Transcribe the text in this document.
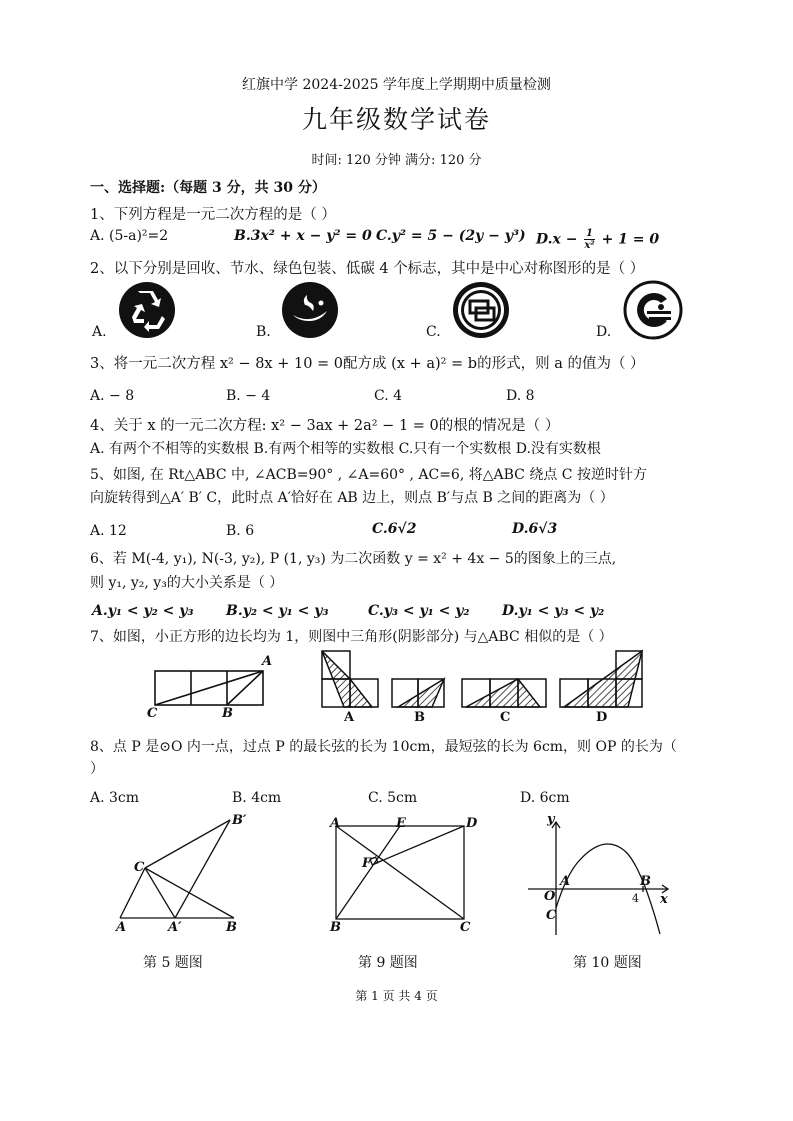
红旗中学 2024-2025 学年度上学期期中质量检测
九年级数学试卷
时间: 120 分钟 满分: 120 分
一、选择题:（每题 3 分，共 30 分）
1、下列方程是一元二次方程的是（ ）
A. (5-a)²=2	B.3x² + x − y² = 0 C.y² = 5 − (2y − y³) $D.x - \frac{1}{\text{x²}} + 1 = 0$
2、以下分别是回收、节水、绿色包装、低碳 4 个标志，其中是中心对称图形的是（ ）
A.	B.	C.	D.
3、将一元二次方程 x² − 8x + 10 = 0配方成 (x + a)² = b的形式，则 a 的值为（ ）
A. − 8	B. − 4	C. 4	D. 8
4、关于 x 的一元二次方程: x² − 3ax + 2a² − 1 = 0的根的情况是（ ）
A. 有两个不相等的实数根 B.有两个相等的实数根 C.只有一个实数根 D.没有实数根
5、如图, 在 Rt△ABC 中, ∠ACB=90° , ∠A=60° , AC=6, 将△ABC 绕点 C 按逆时针方
向旋转得到△A′ B′ C，此时点 A′恰好在 AB 边上，则点 B′与点 B 之间的距离为（ ）
A. 12	B. 6	C.6√2	D.6√3
6、若 M(-4, y₁), N(-3, y₂), P (1, y₃) 为二次函数 y = x² + 4x − 5的图象上的三点,
则 y₁, y₂, y₃的大小关系是（ ）
A.y₁ < y₂ < y₃ B.y₂ < y₁ < y₃	C.y₃ < y₁ < y₂ D.y₁ < y₃ < y₂
7、如图，小正方形的边长均为 1，则图中三角形(阴影部分) 与△ABC 相似的是（ ）
A
C	B	A	B	C	D
8、点 P 是⊙O 内一点，过点 P 的最长弦的长为 10cm，最短弦的长为 6cm，则 OP 的长为（
）
A. 3cm	B. 4cm	C. 5cm	D. 6cm
B′
C
A	A′	B
第 5 题图
A	E	D
F
B	C
第 9 题图
y
A
O
B
4 x
C
第 10 题图
第 1 页 共 4 页
